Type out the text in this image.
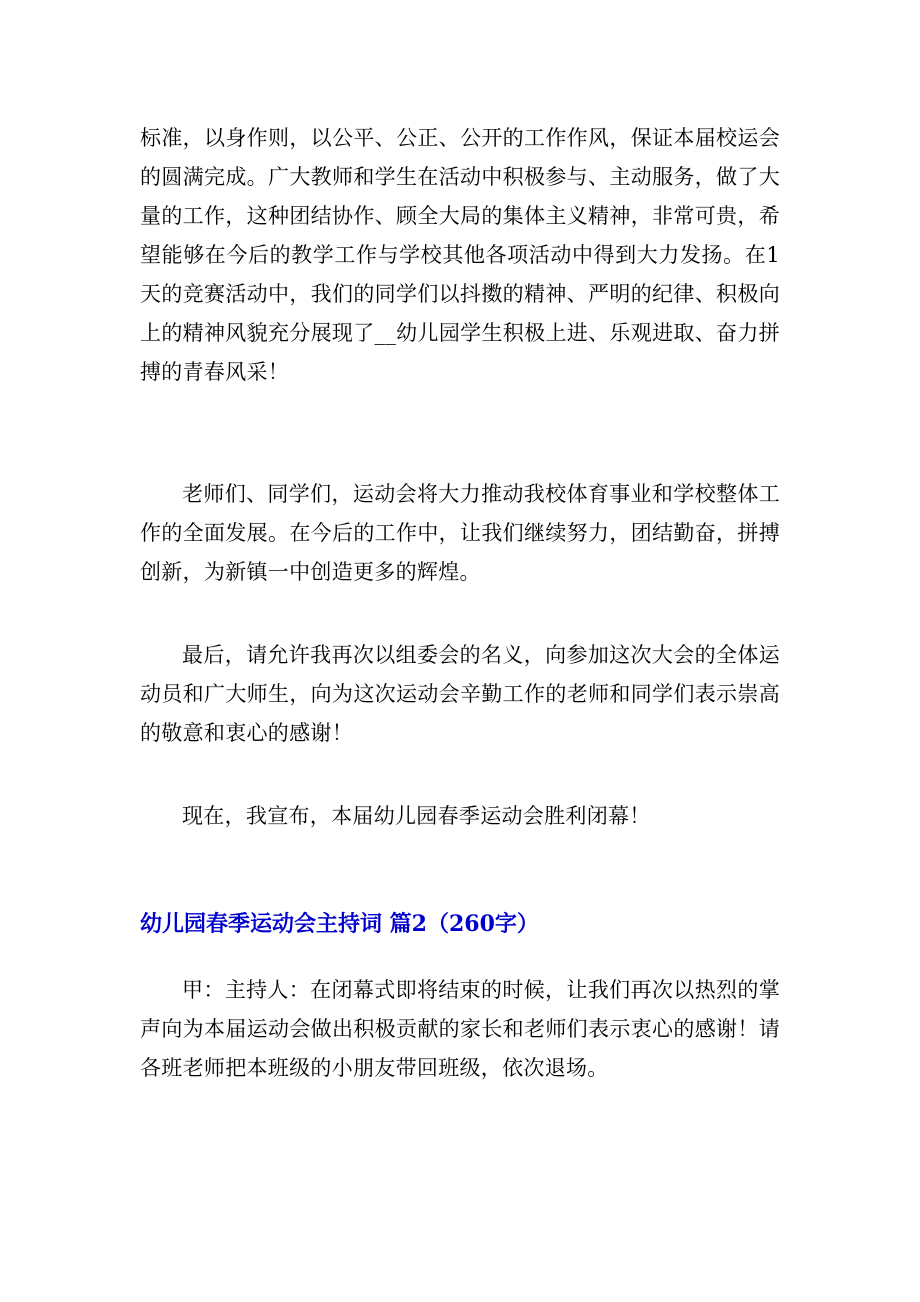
标准，以身作则，以公平、公正、公开的工作作风，保证本届校运会的圆满完成。广大教师和学生在活动中积极参与、主动服务，做了大量的工作，这种团结协作、顾全大局的集体主义精神，非常可贵，希望能够在今后的教学工作与学校其他各项活动中得到大力发扬。在1天的竞赛活动中，我们的同学们以抖擞的精神、严明的纪律、积极向上的精神风貌充分展现了__幼儿园学生积极上进、乐观进取、奋力拼搏的青春风采！

老师们、同学们，运动会将大力推动我校体育事业和学校整体工作的全面发展。在今后的工作中，让我们继续努力，团结勤奋，拼搏创新，为新镇一中创造更多的辉煌。

最后，请允许我再次以组委会的名义，向参加这次大会的全体运动员和广大师生，向为这次运动会辛勤工作的老师和同学们表示崇高的敬意和衷心的感谢！

现在，我宣布，本届幼儿园春季运动会胜利闭幕！

幼儿园春季运动会主持词 篇2（260字）

甲：主持人：在闭幕式即将结束的时候，让我们再次以热烈的掌声向为本届运动会做出积极贡献的家长和老师们表示衷心的感谢！请各班老师把本班级的小朋友带回班级，依次退场。
